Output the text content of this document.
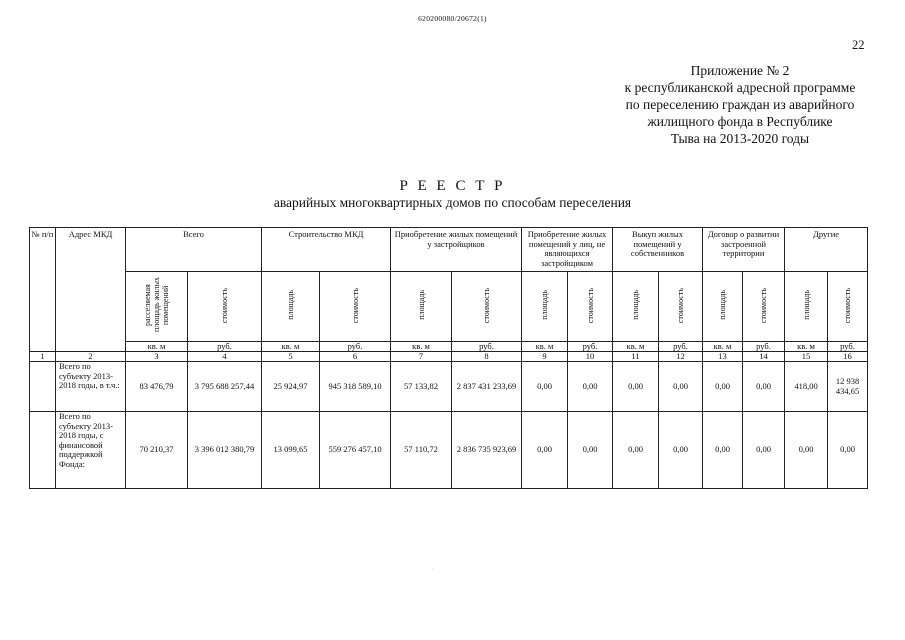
620200080/20672(1)
22
Приложение № 2
к республиканской адресной программе
по переселению граждан из аварийного
жилищного фонда в Республике
Тыва на 2013-2020 годы
Р Е Е С Т Р
аварийных многоквартирных домов по способам переселения
№ п/п	Адрес МКД	Всего		Строительство МКД		Приобретение жилых помещений у застройщиков		Приобретение жилых помещений у лиц, не являющихся застройщиком		Выкуп жилых помещений у собственников		Договор о развитии застроенной территории		Другие	
		расселяемая площадь жилых помещений	стоимость	площадь	стоимость	площадь	стоимость	площадь	стоимость	площадь	стоимость	площадь	стоимость	площадь	стоимость
		кв. м	руб.	кв. м	руб.	кв. м	руб.	кв. м	руб.	кв. м	руб.	кв. м	руб.	кв. м	руб.
1	2	3	4	5	6	7	8	9	10	11	12	13	14	15	16
	Всего по субъекту 2013-2018 годы, в т.ч.:	83 476,79	3 795 688 257,44	25 924,97	945 318 589,10	57 133,82	2 837 431 233,69	0,00	0,00	0,00	0,00	0,00	0,00	418,00	12 938 434,65
	Всего по субъекту 2013-2018 годы, с финансовой поддержкой Фонда:	70 210,37	3 396 012 380,79	13 099,65	559 276 457,10	57 110,72	2 836 735 923,69	0,00	0,00	0,00	0,00	0,00	0,00	0,00	0,00
·
